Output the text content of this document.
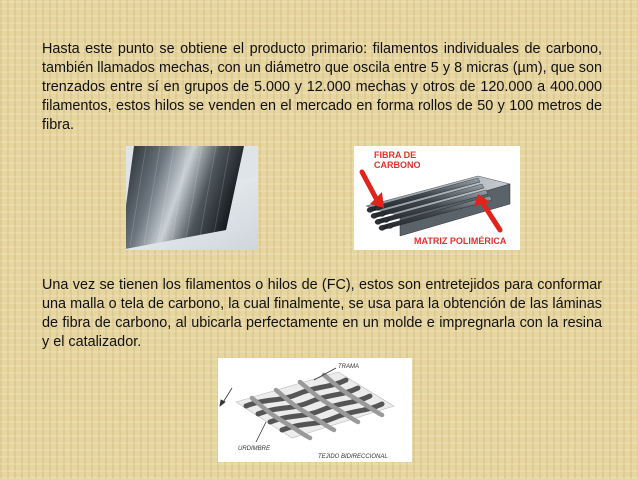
Hasta este punto se obtiene el producto primario: filamentos individuales de carbono, también llamados mechas, con un diámetro que oscila entre 5 y 8 micras (µm), que son trenzados entre sí en grupos de 5.000 y 12.000 mechas y otros de 120.000 a 400.000 filamentos, estos hilos se venden en el mercado en forma rollos de 50 y 100 metros de fibra.

FIBRA DE
CARBONO
MATRIZ POLIMÉRICA

Una vez se tienen los filamentos o hilos de (FC), estos son entretejidos para conformar una malla o tela de carbono, la cual finalmente, se usa para la obtención de las láminas de fibra de carbono, al ubicarla perfectamente en un molde e impregnarla con la resina y el catalizador.

TRAMA
URDIMBRE
TEJIDO BIDIRECCIONAL
